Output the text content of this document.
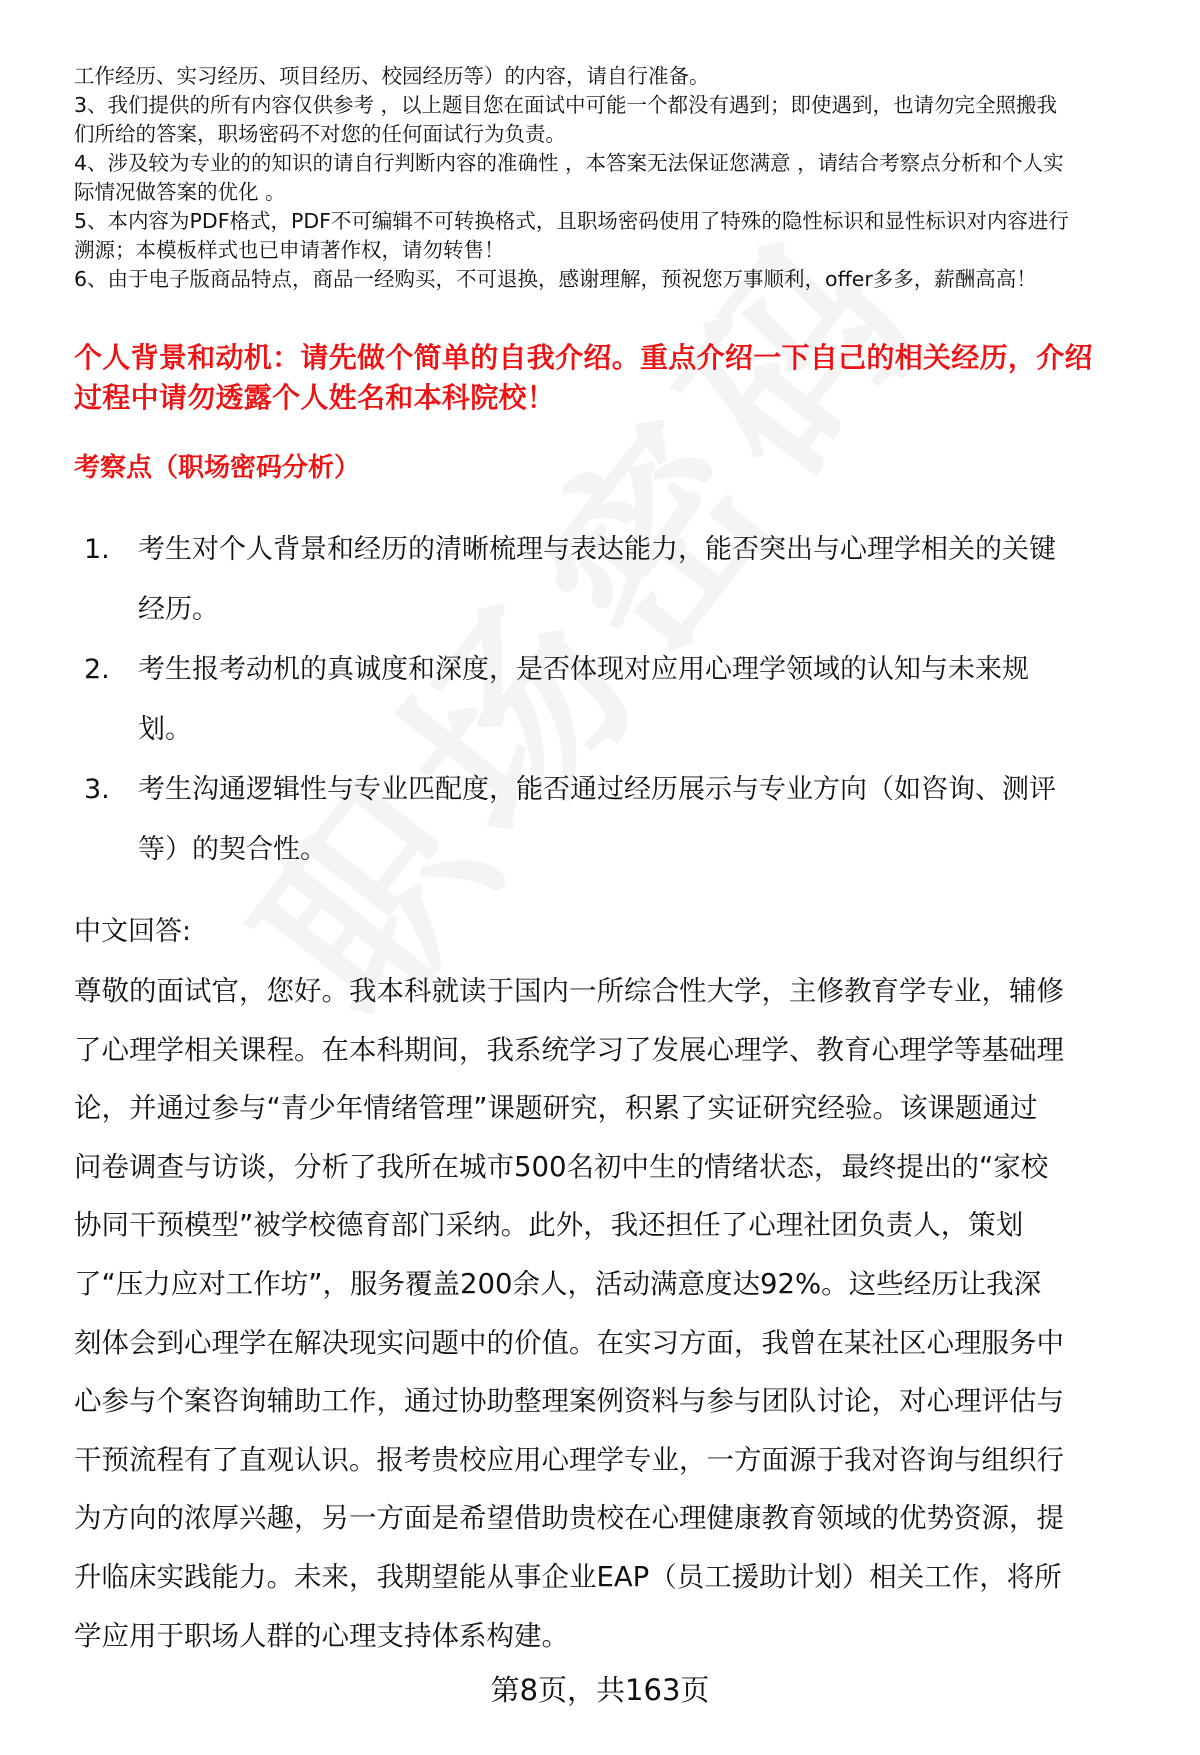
工作经历、实习经历、项目经历、校园经历等）的内容，请自行准备。
3、我们提供的所有内容仅供参考 ，以上题目您在面试中可能一个都没有遇到；即使遇到，也请勿完全照搬我
们所给的答案，职场密码不对您的任何面试行为负责。
4、涉及较为专业的的知识的请自行判断内容的准确性 ，本答案无法保证您满意 ，请结合考察点分析和个人实
际情况做答案的优化 。
5、本内容为PDF格式，PDF不可编辑不可转换格式，且职场密码使用了特殊的隐性标识和显性标识对内容进行
溯源；本模板样式也已申请著作权，请勿转售！
6、由于电子版商品特点，商品一经购买，不可退换，感谢理解，预祝您万事顺利，offer多多，薪酬高高！
个人背景和动机：请先做个简单的自我介绍。重点介绍一下自己的相关经历，介绍
过程中请勿透露个人姓名和本科院校！
考察点（职场密码分析）
1. 考生对个人背景和经历的清晰梳理与表达能力，能否突出与心理学相关的关键
经历。
2. 考生报考动机的真诚度和深度，是否体现对应用心理学领域的认知与未来规
划。
3. 考生沟通逻辑性与专业匹配度，能否通过经历展示与专业方向（如咨询、测评
等）的契合性。
中文回答:
尊敬的面试官，您好。我本科就读于国内一所综合性大学，主修教育学专业，辅修
了心理学相关课程。在本科期间，我系统学习了发展心理学、教育心理学等基础理
论，并通过参与“青少年情绪管理”课题研究，积累了实证研究经验。该课题通过
问卷调查与访谈，分析了我所在城市500名初中生的情绪状态，最终提出的“家校
协同干预模型”被学校德育部门采纳。此外，我还担任了心理社团负责人，策划
了“压力应对工作坊”，服务覆盖200余人，活动满意度达92%。这些经历让我深
刻体会到心理学在解决现实问题中的价值。在实习方面，我曾在某社区心理服务中
心参与个案咨询辅助工作，通过协助整理案例资料与参与团队讨论，对心理评估与
干预流程有了直观认识。报考贵校应用心理学专业，一方面源于我对咨询与组织行
为方向的浓厚兴趣，另一方面是希望借助贵校在心理健康教育领域的优势资源，提
升临床实践能力。未来，我期望能从事企业EAP（员工援助计划）相关工作，将所
学应用于职场人群的心理支持体系构建。
第8页，共163页
